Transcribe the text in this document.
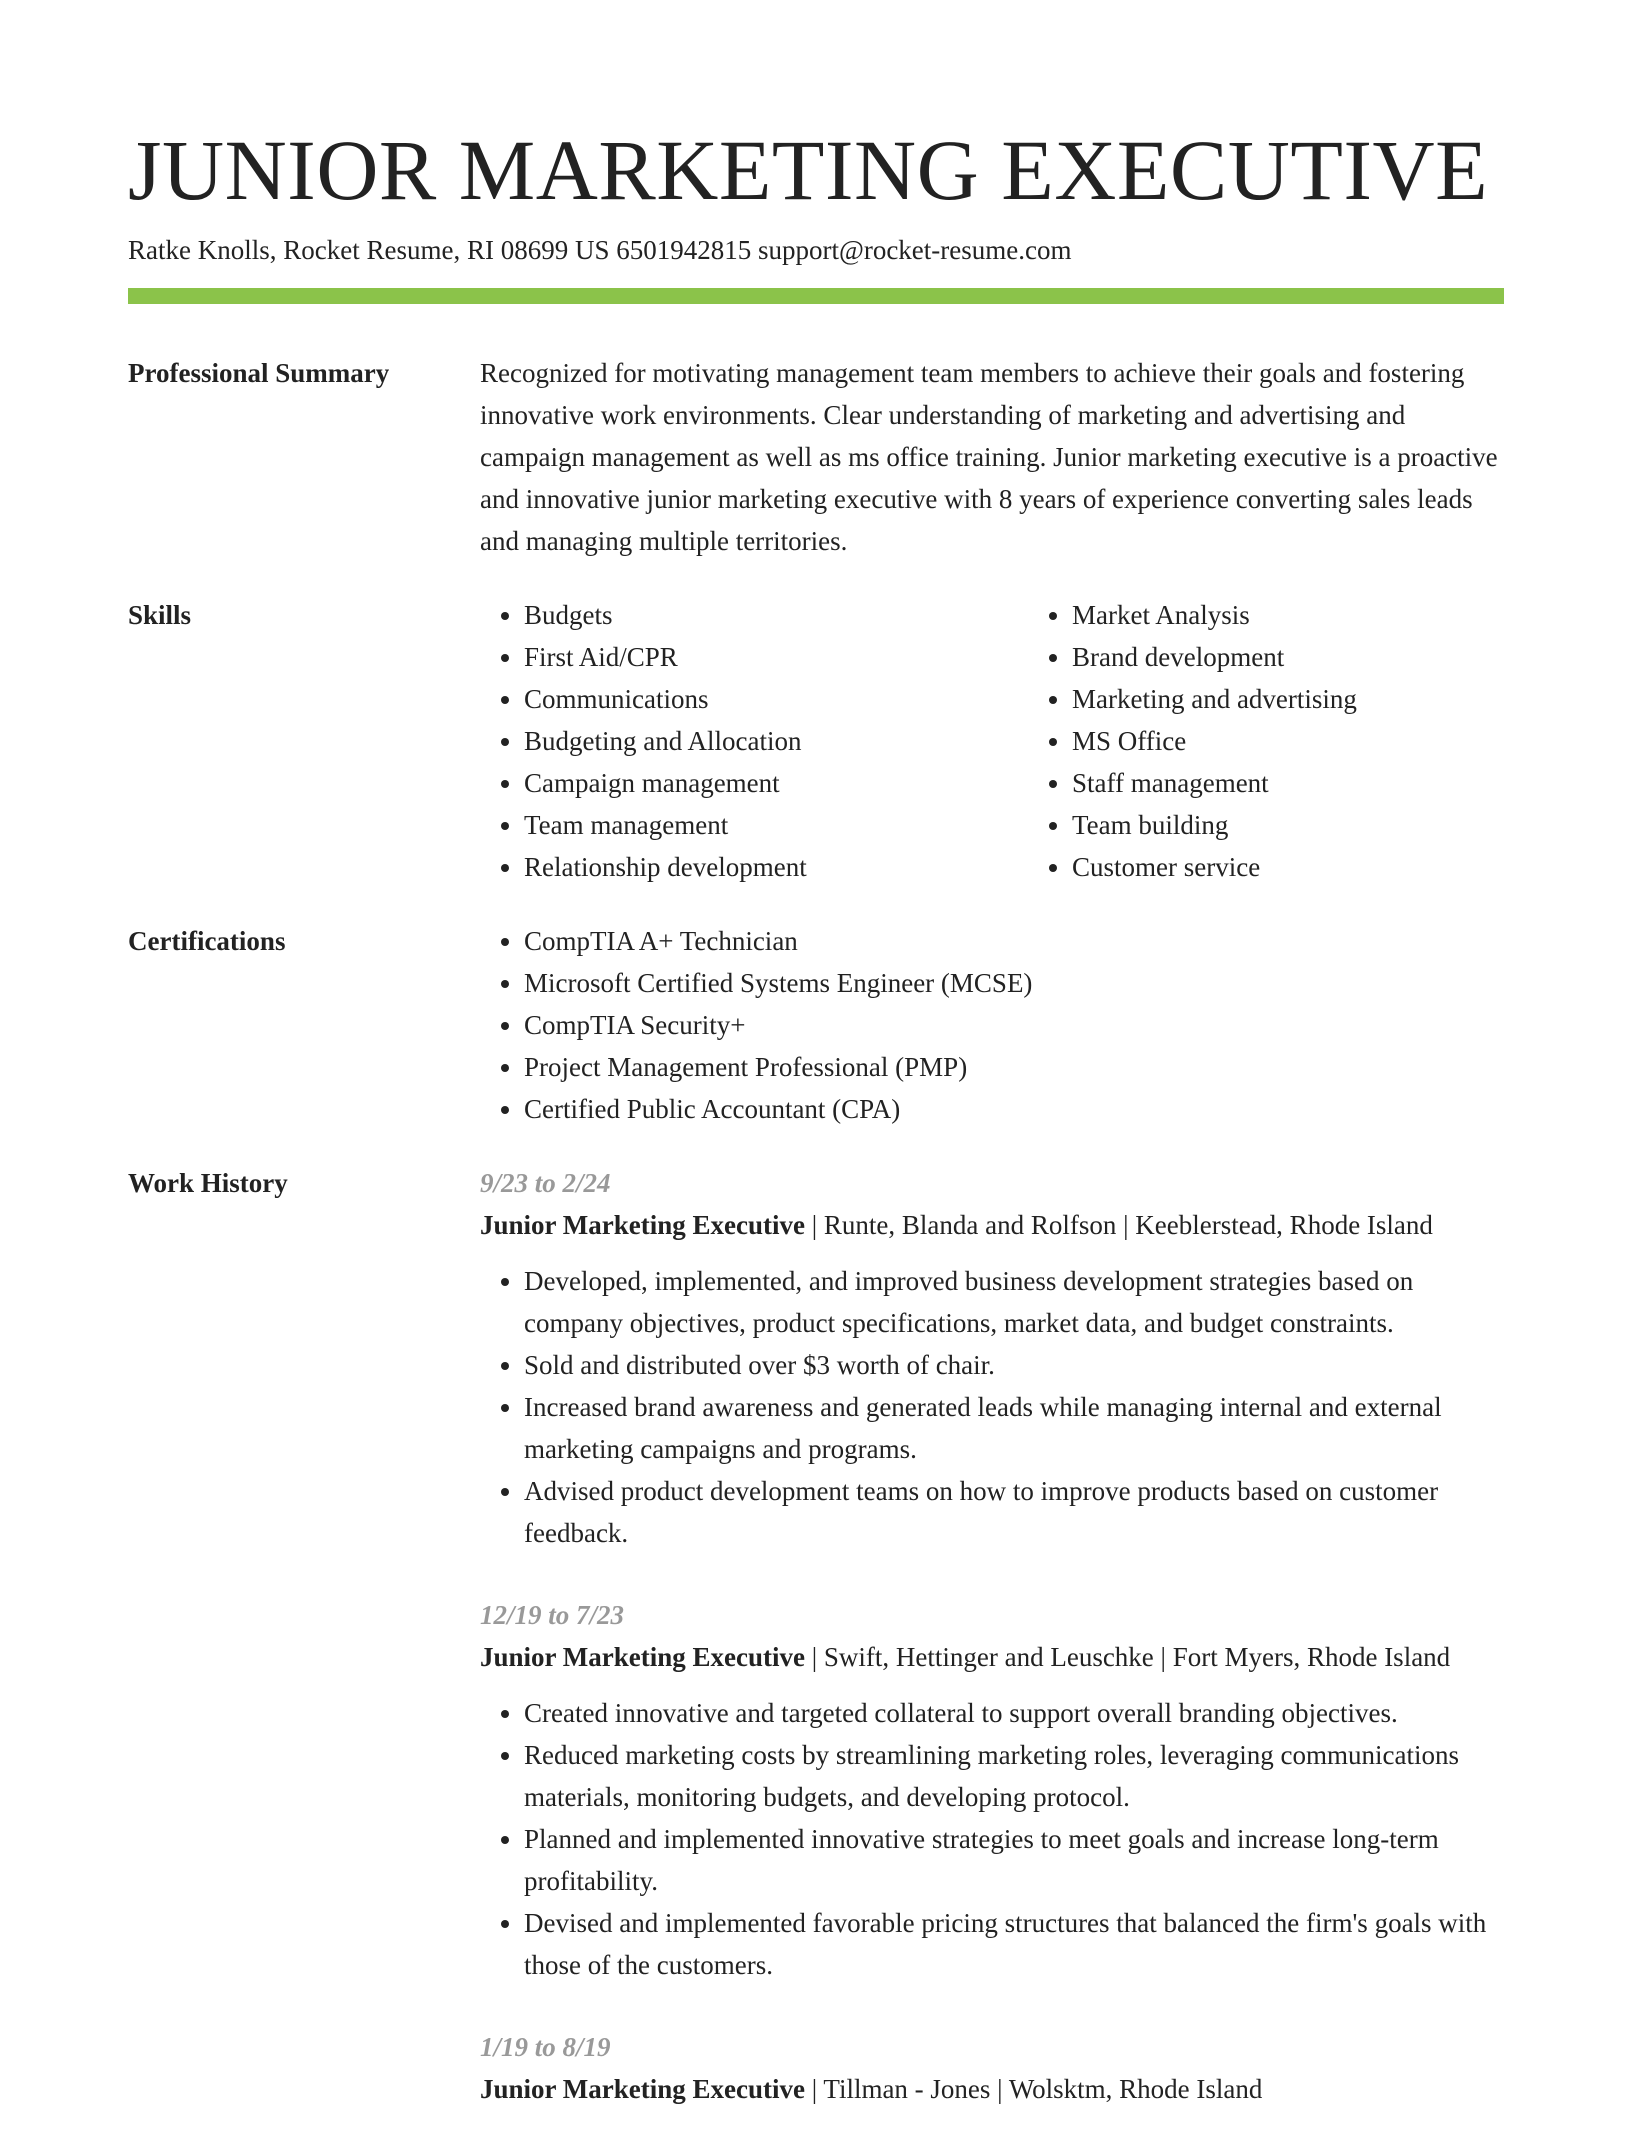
JUNIOR MARKETING EXECUTIVE
Ratke Knolls, Rocket Resume, RI 08699 US 6501942815 support@rocket-resume.com
Professional Summary	Recognized for motivating management team members to achieve their goals and fostering innovative work environments. Clear understanding of marketing and advertising and campaign management as well as ms office training. Junior marketing executive is a proactive and innovative junior marketing executive with 8 years of experience converting sales leads and managing multiple territories.

Skills	• Budgets
• First Aid/CPR
• Communications
• Budgeting and Allocation
• Campaign management
• Team management
• Relationship development
• Market Analysis
• Brand development
• Marketing and advertising
• MS Office
• Staff management
• Team building
• Customer service
Certifications	• CompTIA A+ Technician
• Microsoft Certified Systems Engineer (MCSE)
• CompTIA Security+
• Project Management Professional (PMP)
• Certified Public Accountant (CPA)
Work History	9/23 to 2/24
Junior Marketing Executive | Runte, Blanda and Rolfson | Keeblerstead, Rhode Island
• Developed, implemented, and improved business development strategies based on company objectives, product specifications, market data, and budget constraints.
• Sold and distributed over $3 worth of chair.
• Increased brand awareness and generated leads while managing internal and external marketing campaigns and programs.
• Advised product development teams on how to improve products based on customer feedback.
12/19 to 7/23
Junior Marketing Executive | Swift, Hettinger and Leuschke | Fort Myers, Rhode Island
• Created innovative and targeted collateral to support overall branding objectives.
• Reduced marketing costs by streamlining marketing roles, leveraging communications materials, monitoring budgets, and developing protocol.
• Planned and implemented innovative strategies to meet goals and increase long-term profitability.
• Devised and implemented favorable pricing structures that balanced the firm's goals with those of the customers.
1/19 to 8/19
Junior Marketing Executive | Tillman - Jones | Wolsktm, Rhode Island
